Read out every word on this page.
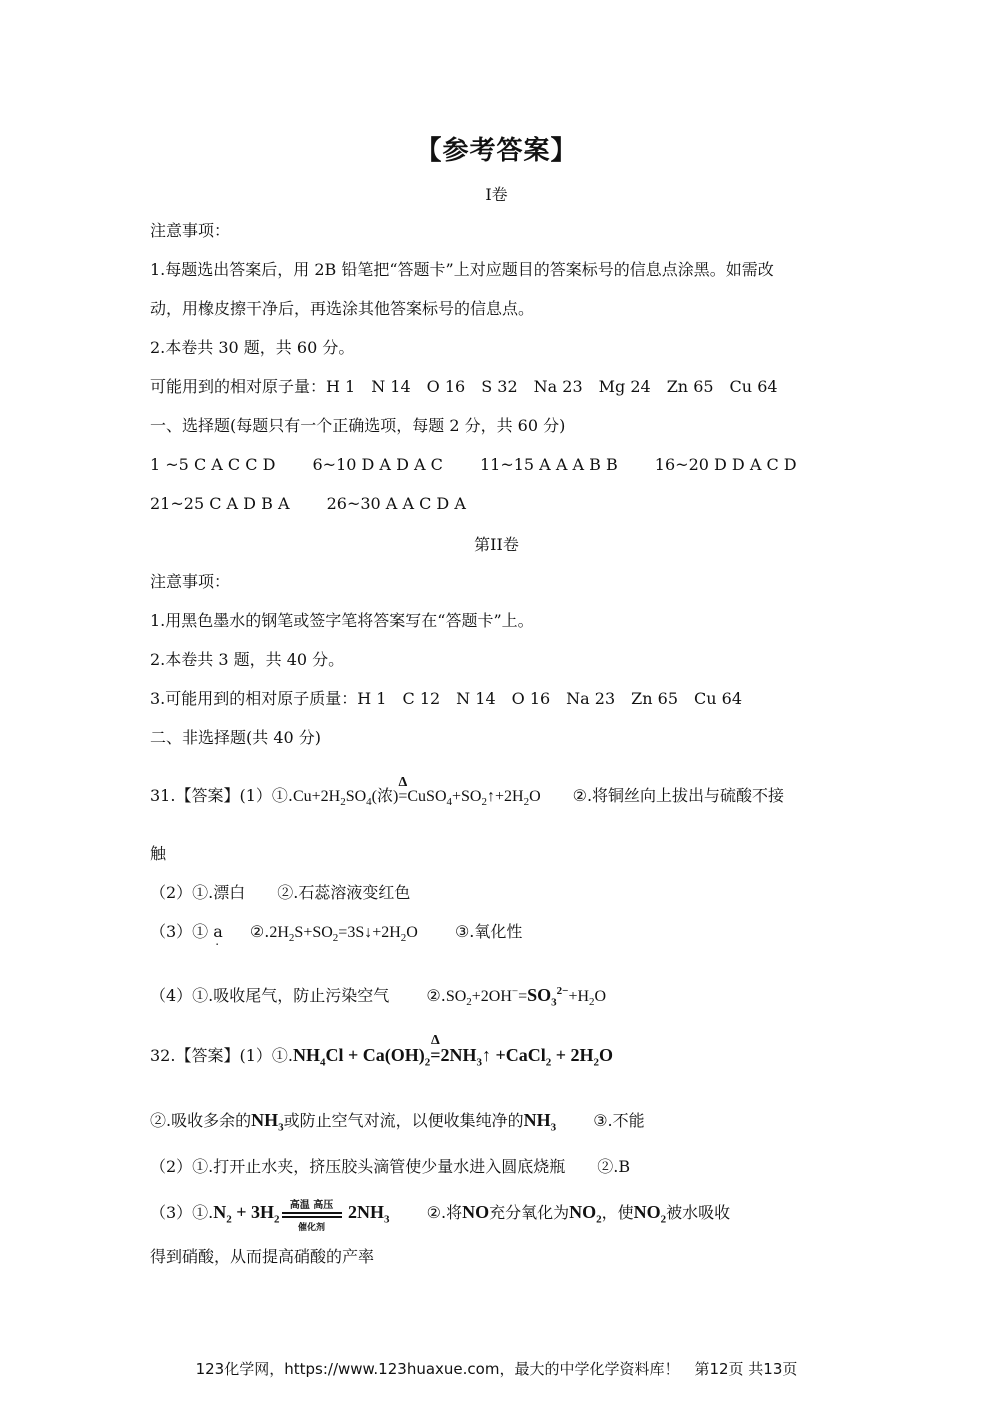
【参考答案】
I卷
注意事项：
1.每题选出答案后，用 2B 铅笔把“答题卡”上对应题目的答案标号的信息点涂黑。如需改
动，用橡皮擦干净后，再选涂其他答案标号的信息点。
2.本卷共 30 题，共 60 分。
可能用到的相对原子量：H 1　N 14　O 16　S 32　Na 23　Mg 24　Zn 65　Cu 64
一、选择题(每题只有一个正确选项，每题 2 分，共 60 分)
1 ~5 C A C C D 6~10 D A D A C 11~15 A A A B B 16~20 D D A C D
21~25 C A D B A 26~30 A A C D A
第II卷
注意事项：
1.用黑色墨水的钢笔或签字笔将答案写在“答题卡”上。
2.本卷共 3 题，共 40 分。
3.可能用到的相对原子质量：H 1　C 12　N 14　O 16　Na 23　Zn 65　Cu 64
二、非选择题(共 40 分)
31.【答案】$(1)①.Cu+2H_2SO_4$(浓)
Δ
$=CuSO_4+SO_2↑+2H_2O$ ②.将铜丝向上拔出与硫酸不接
触
（2）①.漂白　　②.石蕊溶液变红色
（3）① a . $②.2H_2S+SO_2=3S↓+2H_2O$ ③.氧化性
（4）①.吸收尾气，防止污染空气 $②.SO_2+2OH^-=SO_3^{2-}+H_2O$
32.【答案】$(1)①.NH_4Cl + Ca(OH)_2$
Δ
$=2NH_3↑$ +CaCl$_2$ + $2H_2O$
②.吸收多余的$NH_3$或防止空气对流，以便收集纯净的$NH_3$ ③.不能
（2）①.打开止水夹，挤压胶头滴管使少量水进入圆底烧瓶　　②.B
$(3)①.N_2 + 3H_2$
高温 高压
催化剂
$2NH_3$ ②.将NO充分氧化为$NO_2$，使$NO_2$被水吸收
得到硝酸，从而提高硝酸的产率
123化学网，https://www.123huaxue.com，最大的中学化学资料库！　第12页 共13页
